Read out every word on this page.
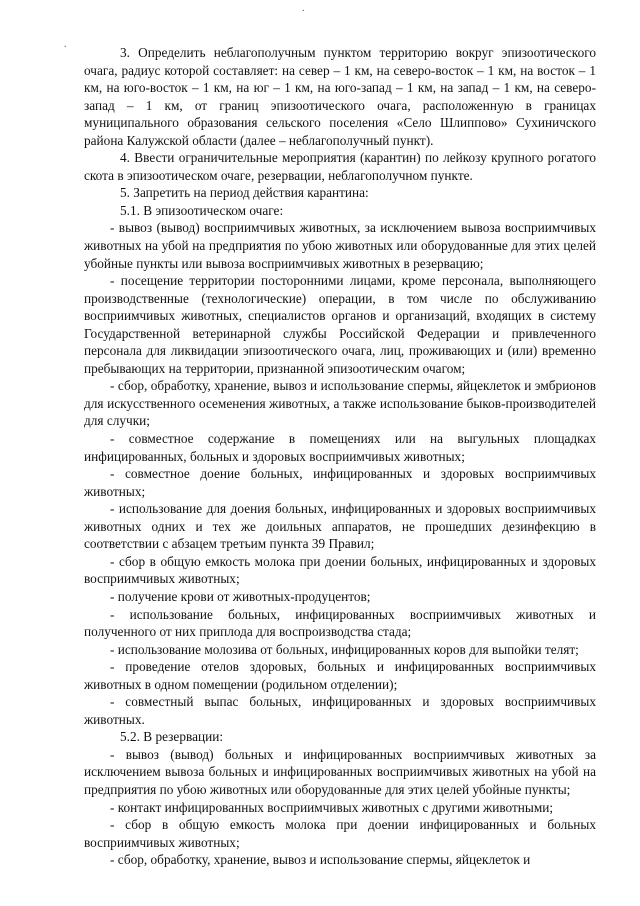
.
.

3. Определить неблагополучным пунктом территорию вокруг эпизоотического очага, радиус которой составляет: на север – 1 км, на северо-восток – 1 км, на восток – 1 км, на юго-восток – 1 км, на юг – 1 км, на юго-запад – 1 км, на запад – 1 км, на северо-запад – 1 км, от границ эпизоотического очага, расположенную в границах муниципального образования сельского поселения «Село Шлиппово» Сухиничского района Калужской области (далее – неблагополучный пункт).

4. Ввести ограничительные мероприятия (карантин) по лейкозу крупного рогатого скота в эпизоотическом очаге, резервации, неблагополучном пункте.

5. Запретить на период действия карантина:

5.1. В эпизоотическом очаге:

- вывоз (вывод) восприимчивых животных, за исключением вывоза восприимчивых животных на убой на предприятия по убою животных или оборудованные для этих целей убойные пункты или вывоза восприимчивых животных в резервацию;

- посещение территории посторонними лицами, кроме персонала, выполняющего производственные (технологические) операции, в том числе по обслуживанию восприимчивых животных, специалистов органов и организаций, входящих в систему Государственной ветеринарной службы Российской Федерации и привлеченного персонала для ликвидации эпизоотического очага, лиц, проживающих и (или) временно пребывающих на территории, признанной эпизоотическим очагом;

- сбор, обработку, хранение, вывоз и использование спермы, яйцеклеток и эмбрионов для искусственного осеменения животных, а также использование быков-производителей для случки;

- совместное содержание в помещениях или на выгульных площадках инфицированных, больных и здоровых восприимчивых животных;

- совместное доение больных, инфицированных и здоровых восприимчивых животных;

- использование для доения больных, инфицированных и здоровых восприимчивых животных одних и тех же доильных аппаратов, не прошедших дезинфекцию в соответствии с абзацем третьим пункта 39 Правил;

- сбор в общую емкость молока при доении больных, инфицированных и здоровых восприимчивых животных;

- получение крови от животных-продуцентов;

- использование больных, инфицированных восприимчивых животных и полученного от них приплода для воспроизводства стада;

- использование молозива от больных, инфицированных коров для выпойки телят;

- проведение отелов здоровых, больных и инфицированных восприимчивых животных в одном помещении (родильном отделении);

- совместный выпас больных, инфицированных и здоровых восприимчивых животных.

5.2. В резервации:

- вывоз (вывод) больных и инфицированных восприимчивых животных за исключением вывоза больных и инфицированных восприимчивых животных на убой на предприятия по убою животных или оборудованные для этих целей убойные пункты;

- контакт инфицированных восприимчивых животных с другими животными;

- сбор в общую емкость молока при доении инфицированных и больных восприимчивых животных;

- сбор, обработку, хранение, вывоз и использование спермы, яйцеклеток и
